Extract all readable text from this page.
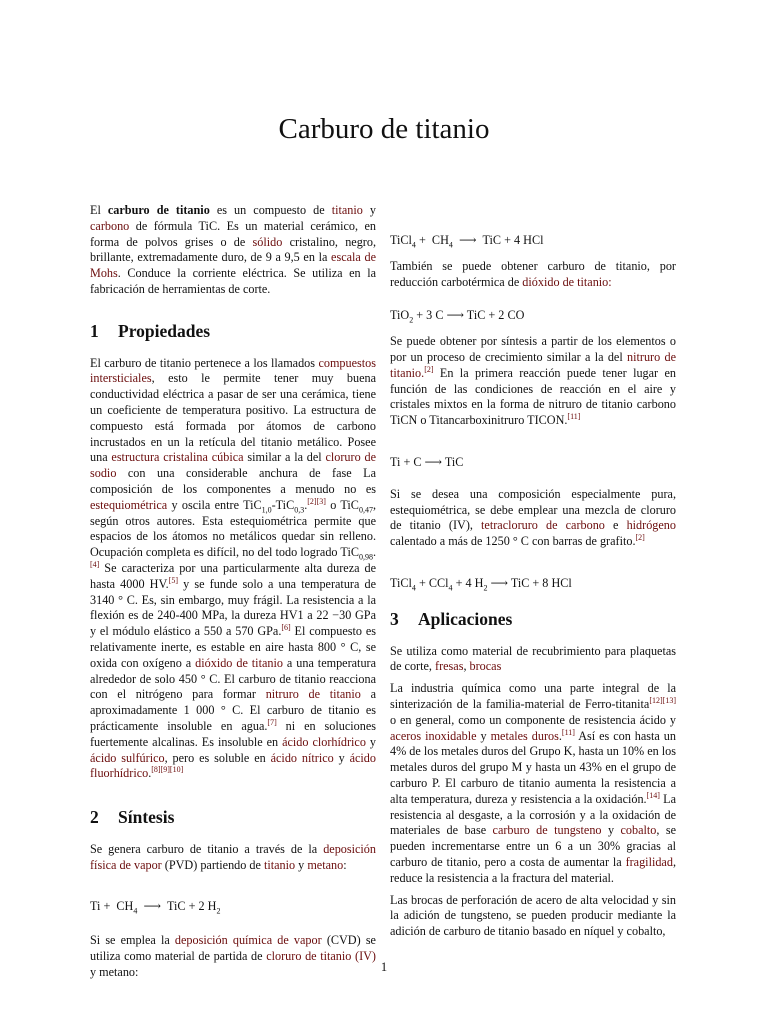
Carburo de titanio

El carburo de titanio es un compuesto de titanio y carbono de fórmula TiC. Es un material cerámico, en forma de polvos grises o de sólido cristalino, negro, brillante, extremadamente duro, de 9 a 9,5 en la escala de Mohs. Conduce la corriente eléctrica. Se utiliza en la fabricación de herramientas de corte.

1 Propiedades

El carburo de titanio pertenece a los llamados compuestos intersticiales, esto le permite tener muy buena conductividad eléctrica a pasar de ser una cerámica, tiene un coeficiente de temperatura positivo. La estructura de compuesto está formada por átomos de carbono incrustados en un la retícula del titanio metálico. Posee una estructura cristalina cúbica similar a la del cloruro de sodio con una considerable anchura de fase La composición de los componentes a menudo no es estequiométrica y oscila entre TiC$_{1,0}$-TiC$_{0,3}$.[2][3] o TiC$_{0,47}$, según otros autores. Esta estequiométrica permite que espacios de los átomos no metálicos quedar sin relleno. Ocupación completa es difícil, no del todo logrado TiC$_{0,98}$.[4] Se caracteriza por una particularmente alta dureza de hasta 4000 HV.[5] y se funde solo a una temperatura de 3140 ° C. Es, sin embargo, muy frágil. La resistencia a la flexión es de 240-400 MPa, la dureza HV1 a 22 −30 GPa y el módulo elástico a 550 a 570 GPa.[6] El compuesto es relativamente inerte, es estable en aire hasta 800 ° C, se oxida con oxígeno a dióxido de titanio a una temperatura alrededor de solo 450 ° C. El carburo de titanio reacciona con el nitrógeno para formar nitruro de titanio a aproximadamente 1 000 ° C. El carburo de titanio es prácticamente insoluble en agua.[7] ni en soluciones fuertemente alcalinas. Es insoluble en ácido clorhídrico y ácido sulfúrico, pero es soluble en ácido nítrico y ácido fluorhídrico.[8][9][10]

2 Síntesis

Se genera carburo de titanio a través de la deposición física de vapor (PVD) partiendo de titanio y metano:

$Ti + CH_4$  ⟶  TiC + 2 $H_2$

Si se emplea la deposición química de vapor (CVD) se utiliza como material de partida de cloruro de titanio (IV) y metano:

TiCl$_4$ +  $CH_4$  ⟶  TiC + 4 HCl

También se puede obtener carburo de titanio, por reducción carbotérmica de dióxido de titanio:

TiO$_2$ + 3 C ⟶ TiC + 2 CO

Se puede obtener por síntesis a partir de los elementos o por un proceso de crecimiento similar a la del nitruro de titanio.[2] En la primera reacción puede tener lugar en función de las condiciones de reacción en el aire y cristales mixtos en la forma de nitruro de titanio carbono TiCN o Titancarboxinitruro TICON.[11]

Ti + C ⟶ TiC

Si se desea una composición especialmente pura, estequiométrica, se debe emplear una mezcla de cloruro de titanio (IV), tetracloruro de carbono e hidrógeno calentado a más de 1250 ° C con barras de grafito.[2]

TiCl$_4$ + CCl$_4$ + 4 $H_2$ ⟶ TiC + 8 HCl

3 Aplicaciones

Se utiliza como material de recubrimiento para plaquetas de corte, fresas, brocas

La industria química como una parte integral de la sinterización de la familia-material de Ferro-titanita[12][13] o en general, como un componente de resistencia ácido y aceros inoxidable y metales duros.[11] Así es con hasta un 4% de los metales duros del Grupo K, hasta un 10% en los metales duros del grupo M y hasta un 43% en el grupo de carburo P. El carburo de titanio aumenta la resistencia a alta temperatura, dureza y resistencia a la oxidación.[14] La resistencia al desgaste, a la corrosión y a la oxidación de materiales de base carburo de tungsteno y cobalto, se pueden incrementarse entre un 6 a un 30% gracias al carburo de titanio, pero a costa de aumentar la fragilidad, reduce la resistencia a la fractura del material.

Las brocas de perforación de acero de alta velocidad y sin la adición de tungsteno, se pueden producir mediante la adición de carburo de titanio basado en níquel y cobalto,

1
